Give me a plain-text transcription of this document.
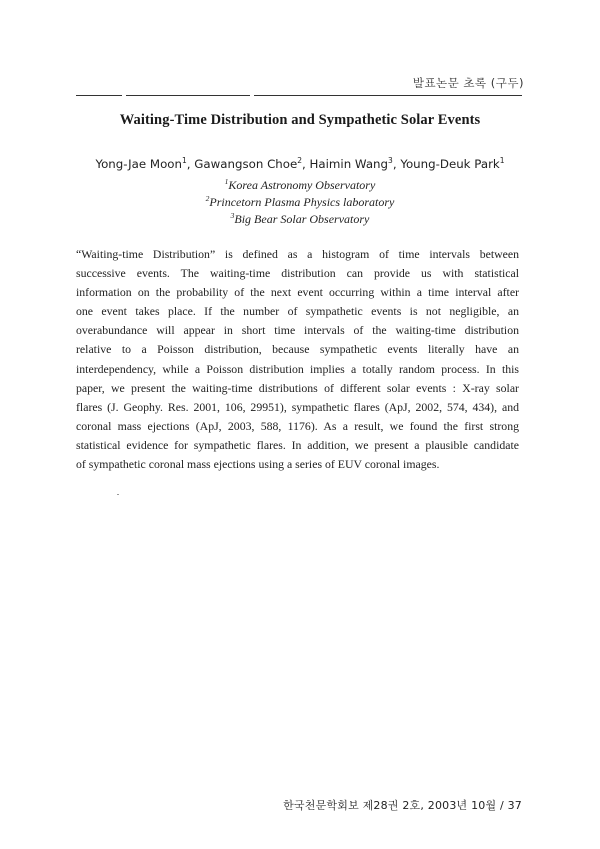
발표논문 초록 (구두)
Waiting-Time Distribution and Sympathetic Solar Events
Yong-Jae Moon$^1$, Gawangson Choe$^2$, Haimin Wang$^3$, Young-Deuk Park$^1$
$^1$Korea Astronomy Observatory
$^2$Princetorn Plasma Physics laboratory
$^3$Big Bear Solar Observatory
“Waiting-time Distribution” is defined as a histogram of time intervals between
successive events. The waiting-time distribution can provide us with statistical
information on the probability of the next event occurring within a time interval after
one event takes place. If the number of sympathetic events is not negligible, an
overabundance will appear in short time intervals of the waiting-time distribution
relative to a Poisson distribution, because sympathetic events literally have an
interdependency, while a Poisson distribution implies a totally random process. In this
paper, we present the waiting-time distributions of different solar events : X-ray solar
flares (J. Geophy. Res. 2001, 106, 29951), sympathetic flares (ApJ, 2002, 574, 434), and
coronal mass ejections (ApJ, 2003, 588, 1176). As a result, we found the first strong
statistical evidence for sympathetic flares. In addition, we present a plausible candidate
of sympathetic coronal mass ejections using a series of EUV coronal images.
한국천문학회보 제28권 2호, 2003년 10월 / 37
